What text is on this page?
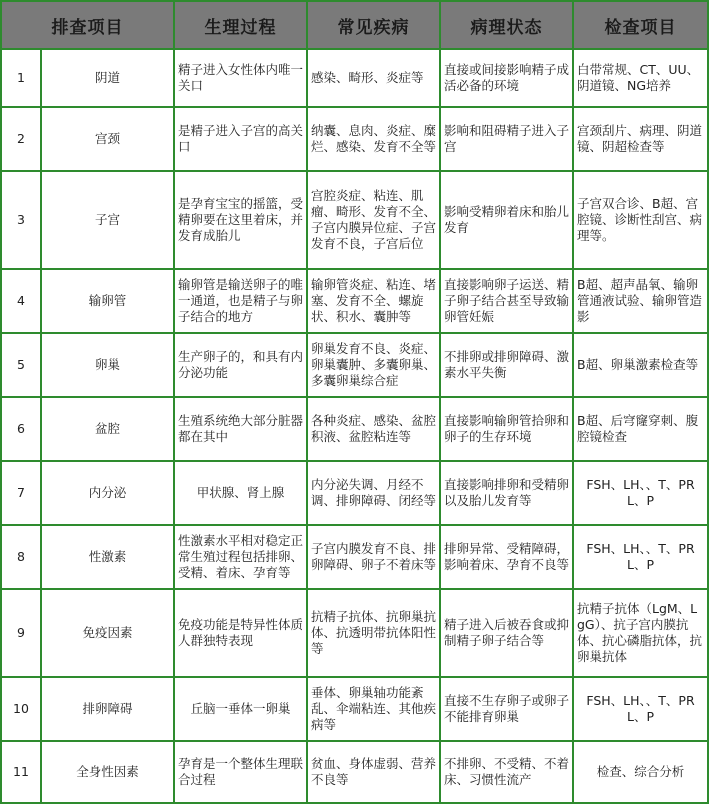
排查项目		生理过程	常见疾病	病理状态	检查项目
1	阴道	精子进入女性体内唯一关口	感染、畸形、炎症等	直接或间接影响精子成活必备的环境	白带常规、CT、UU、阴道镜、NG培养
2	宫颈	是精子进入子宫的高关口	纳囊、息肉、炎症、糜烂、感染、发育不全等	影响和阻碍精子进入子宫	宫颈刮片、病理、阴道镜、阴超检查等
3	子宫	是孕育宝宝的摇篮，受精卵要在这里着床，并发育成胎儿	宫腔炎症、粘连、肌瘤、畸形、发育不全、子宫内膜异位症、子宫发育不良，子宫后位	影响受精卵着床和胎儿发育	子宫双合诊、B超、宫腔镜、诊断性刮宫、病理等。
4	输卵管	输卵管是输送卵子的唯一通道，也是精子与卵子结合的地方	输卵管炎症、粘连、堵塞、发育不全、螺旋状、积水、囊肿等	直接影响卵子运送、精子卵子结合甚至导致输卵管妊娠	B超、超声晶氧、输卵管通液试验、输卵管造影
5	卵巢	生产卵子的，和具有内分泌功能	卵巢发育不良、炎症、卵巢囊肿、多囊卵巢、多囊卵巢综合症	不排卵或排卵障碍、激素水平失衡	B超、卵巢激素检查等
6	盆腔	生殖系统绝大部分脏器都在其中	各种炎症、感染、盆腔积液、盆腔粘连等	直接影响输卵管拾卵和卵子的生存环境	B超、后穹窿穿刺、腹腔镜检查
7	内分泌	甲状腺、肾上腺	内分泌失调、月经不调、排卵障碍、闭经等	直接影响排卵和受精卵以及胎儿发育等	FSH、LH、、T、PRL、P
8	性激素	性激素水平相对稳定正常生殖过程包括排卵、受精、着床、孕育等	子宫内膜发育不良、排卵障碍、卵子不着床等	排卵异常、受精障碍，影响着床、孕育不良等	FSH、LH、、T、PRL、P
9	免疫因素	免疫功能是特异性体质人群独特表现	抗精子抗体、抗卵巢抗体、抗透明带抗体阳性等	精子进入后被吞食或抑制精子卵子结合等	抗精子抗体（LgM、LgG）、抗子宫内膜抗体、抗心磷脂抗体，抗卵巢抗体
10	排卵障碍	丘脑一垂体一卵巢	垂体、卵巢轴功能紊乱、伞端粘连、其他疾病等	直接不生存卵子或卵子不能排育卵巢	FSH、LH、、T、PRL、P
11	全身性因素	孕育是一个整体生理联合过程	贫血、身体虚弱、营养不良等	不排卵、不受精、不着床、习惯性流产	检查、综合分析
